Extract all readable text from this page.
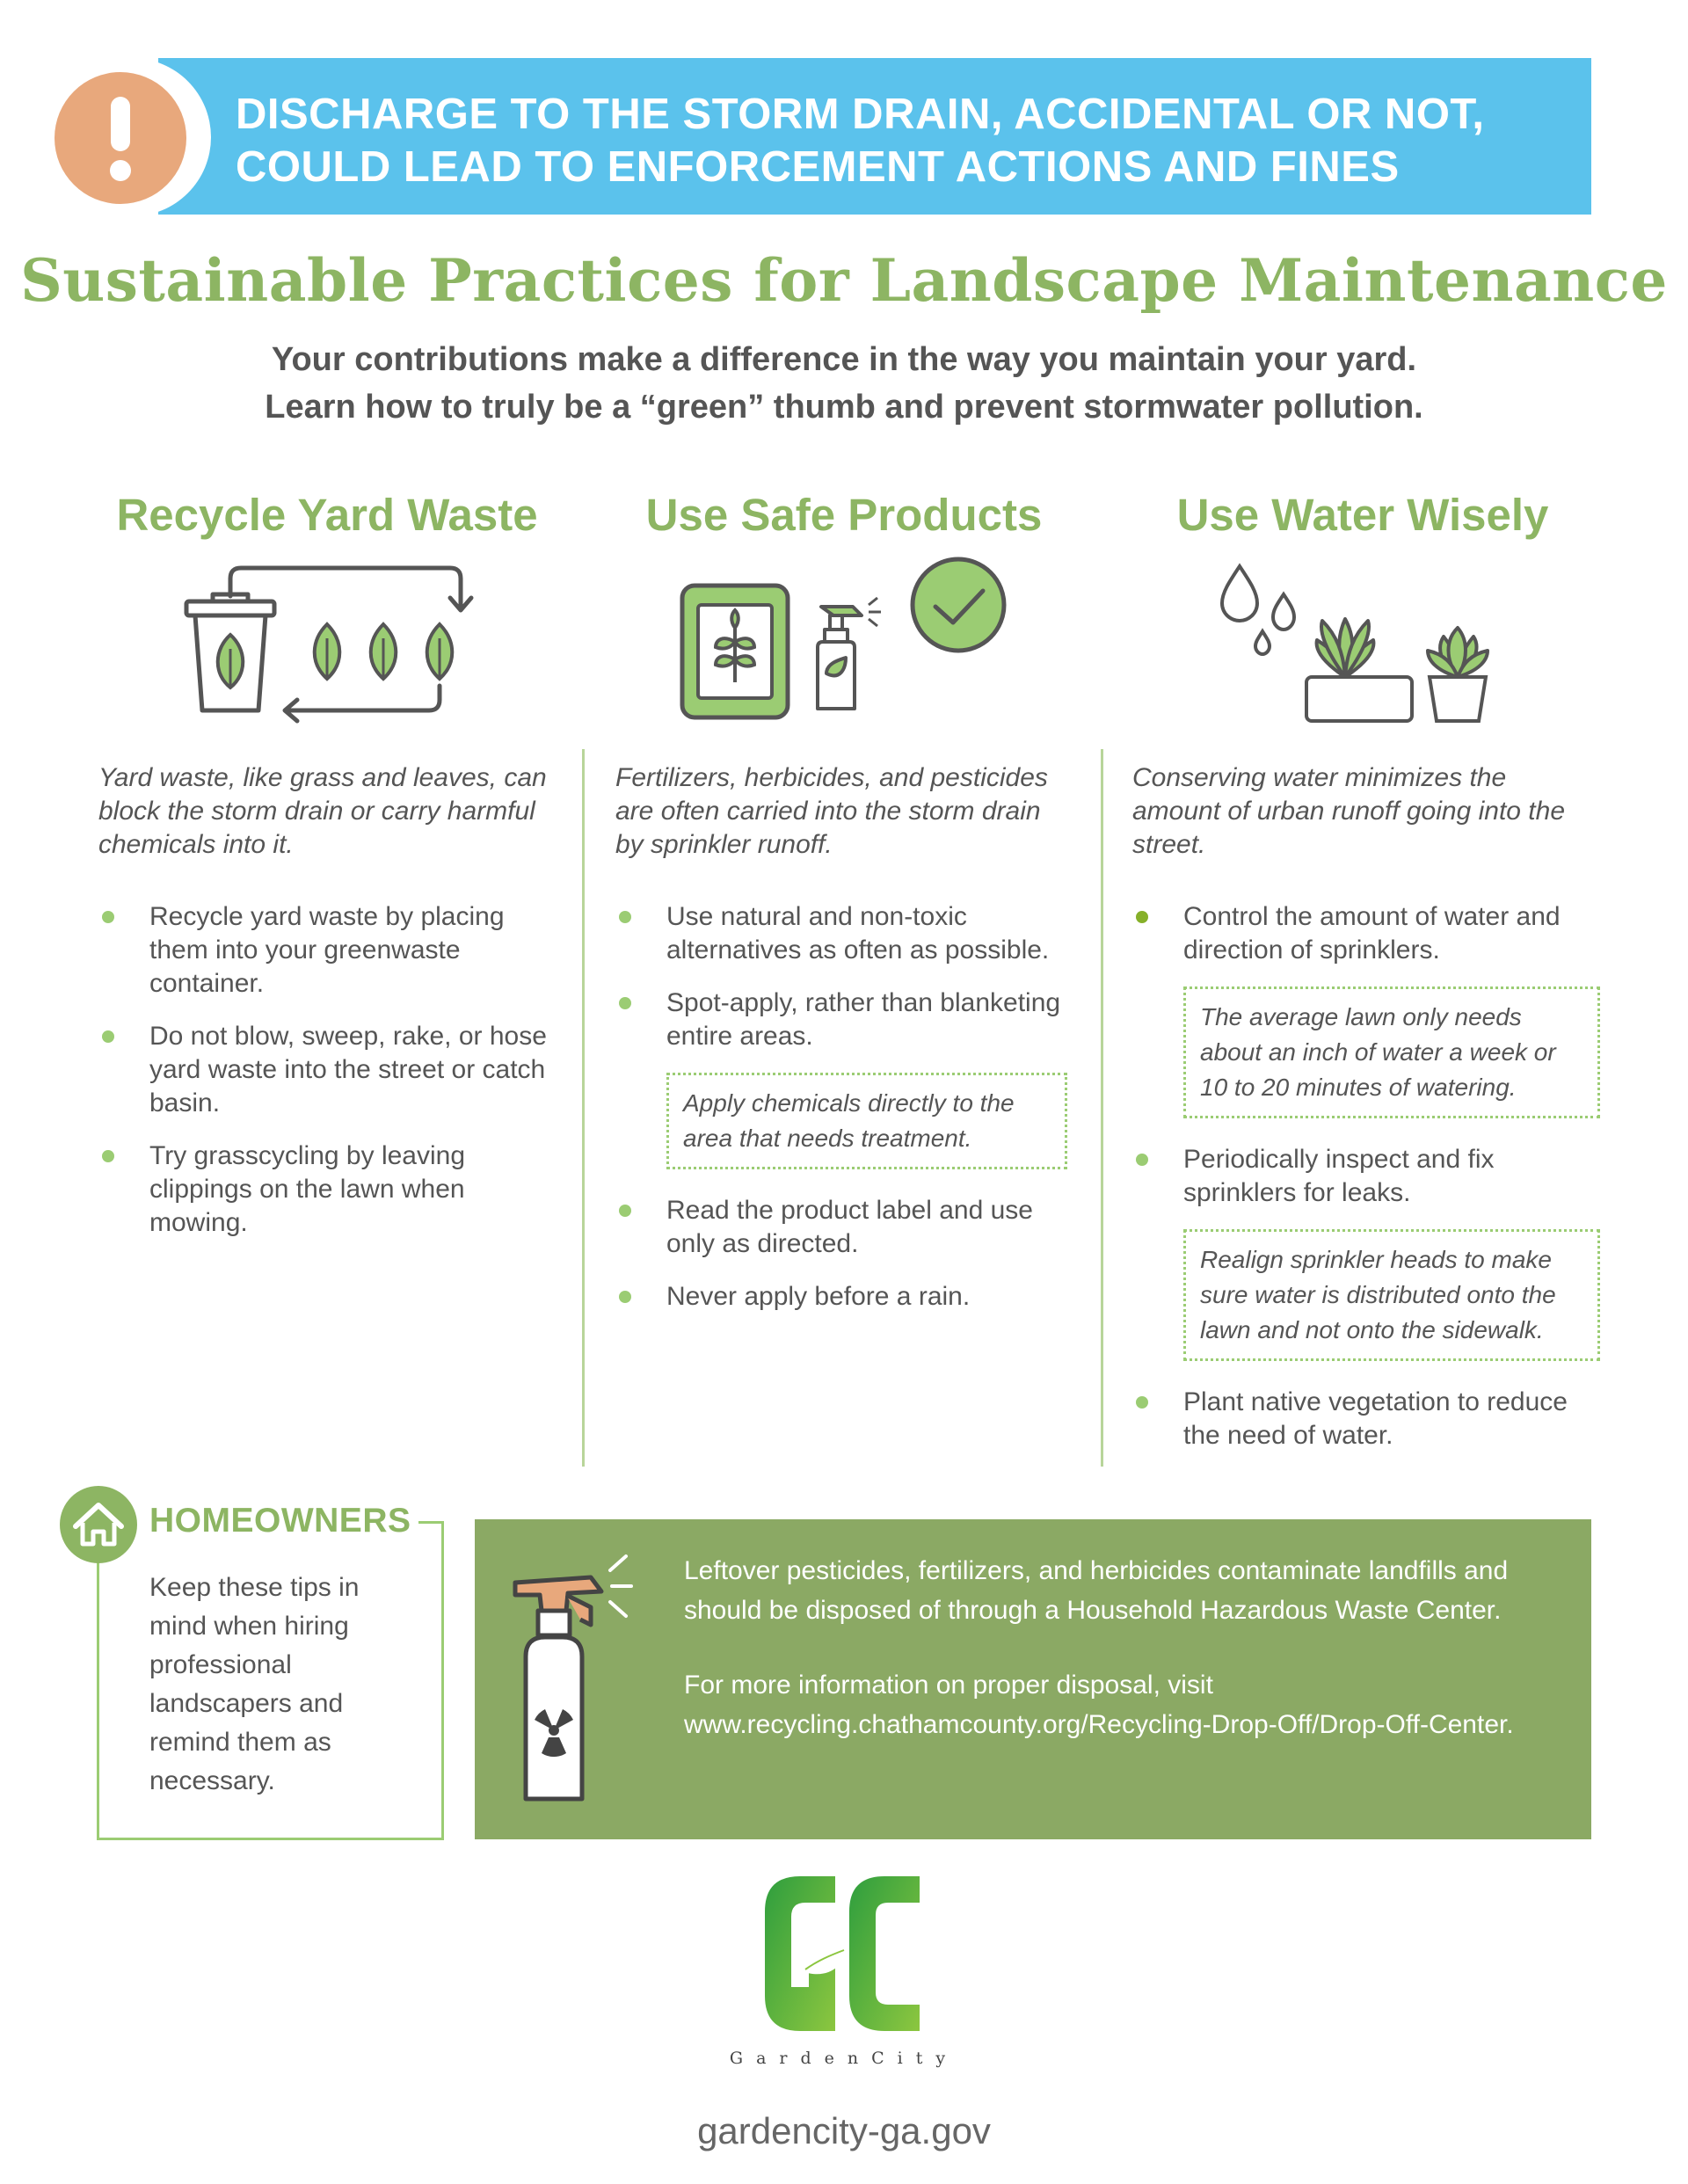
DISCHARGE TO THE STORM DRAIN, ACCIDENTAL OR NOT,
COULD LEAD TO ENFORCEMENT ACTIONS AND FINES
Sustainable Practices for Landscape Maintenance
Your contributions make a difference in the way you maintain your yard.
Learn how to truly be a “green” thumb and prevent stormwater pollution.
Recycle Yard Waste
Yard waste, like grass and leaves, can block the storm drain or carry harmful chemicals into it.
Recycle yard waste by placing them into your greenwaste container.
Do not blow, sweep, rake, or hose yard waste into the street or catch basin.
Try grasscycling by leaving clippings on the lawn when mowing.
Use Safe Products
Fertilizers, herbicides, and pesticides are often carried into the storm drain by sprinkler runoff.
Use natural and non-toxic alternatives as often as possible.
Spot-apply, rather than blanketing entire areas.
Apply chemicals directly to the area that needs treatment.
Read the product label and use only as directed.
Never apply before a rain.
Use Water Wisely
Conserving water minimizes the amount of urban runoff going into the street.
Control the amount of water and direction of sprinklers.
The average lawn only needs about an inch of water a week or 10 to 20 minutes of watering.
Periodically inspect and fix sprinklers for leaks.
Realign sprinkler heads to make sure water is distributed onto the lawn and not onto the sidewalk.
Plant native vegetation to reduce the need of water.
HOMEOWNERS
Keep these tips in mind when hiring professional landscapers and remind them as necessary.

Leftover pesticides, fertilizers, and herbicides contaminate landfills and should be disposed of through a Household Hazardous Waste Center.

For more information on proper disposal, visit www.recycling.chathamcounty.org/Recycling-Drop-Off/Drop-Off-Center.

GardenCity
gardencity-ga.gov
